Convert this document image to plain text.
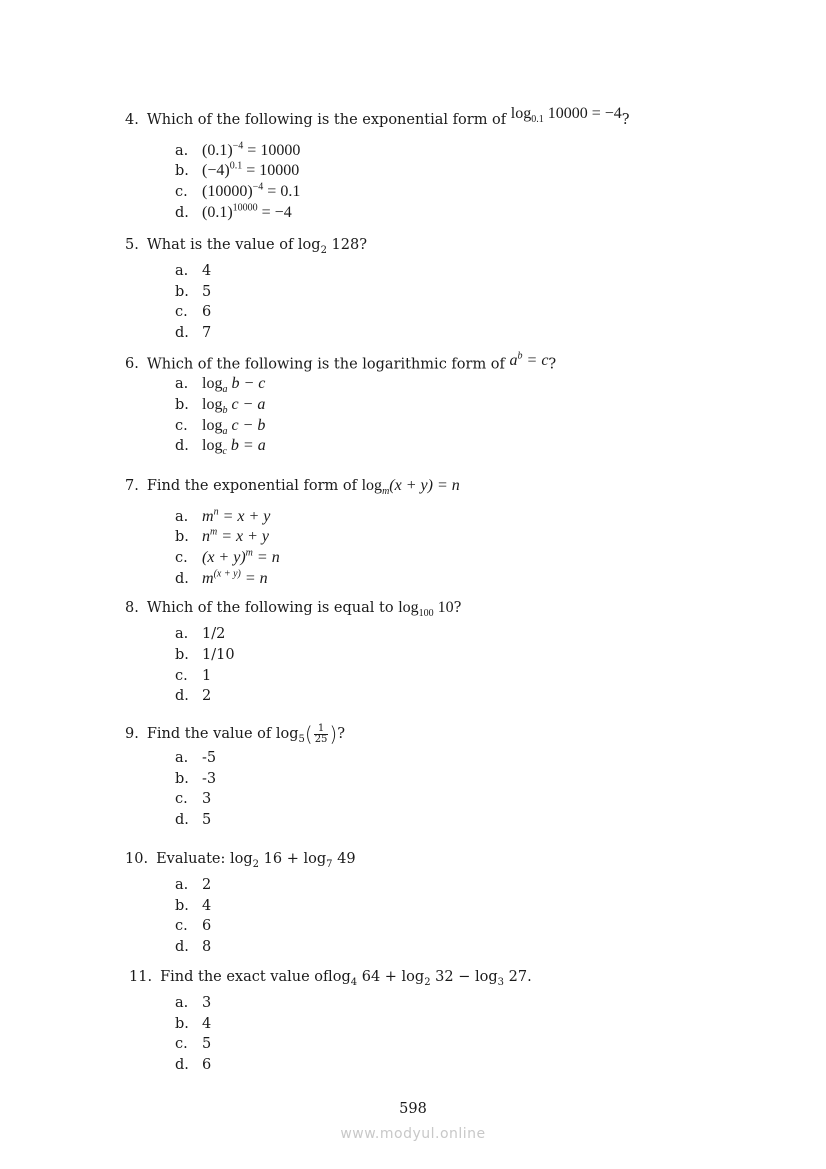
4. Which of the following is the exponential form of $\log_{0.1} 10000 = -4$?
a. $(0.1)^{-4} = 10000$
b. $(-4)^{0.1} = 10000$
c. $(10000)^{-4} = 0.1$
d. $(0.1)^{10000} = -4$
5. What is the value of $\log_2 128$?
a. 4
b. 5
c. 6
d. 7
6. Which of the following is the logarithmic form of $a^b = c$?
a. $\log_a b - c$
b. $\log_b c - a$
c. $\log_a c - b$
d. $\log_c b = a$
7. Find the exponential form of $\log_m(x + y) = n$
a. $m^n = x + y$
b. $n^m = x + y$
c. $(x + y)^m = n$
d. $m^{(x + y)} = n$
8. Which of the following is equal to $\log_{100} 10$?
a. 1/2
b. 1/10
c. 1
d. 2
9. Find the value of $\log_5( \frac{1}{25}$ )?
a. -5
b. -3
c. 3
d. 5
10. Evaluate: $\log_2 16 + \log_7 49$
a. 2
b. 4
c. 6
d. 8
11. Find the exact value oflog$_4$ $64 + \log_2 32 - \log_3 27$.
a. 3
b. 4
c. 5
d. 6
598
www.modyul.online
